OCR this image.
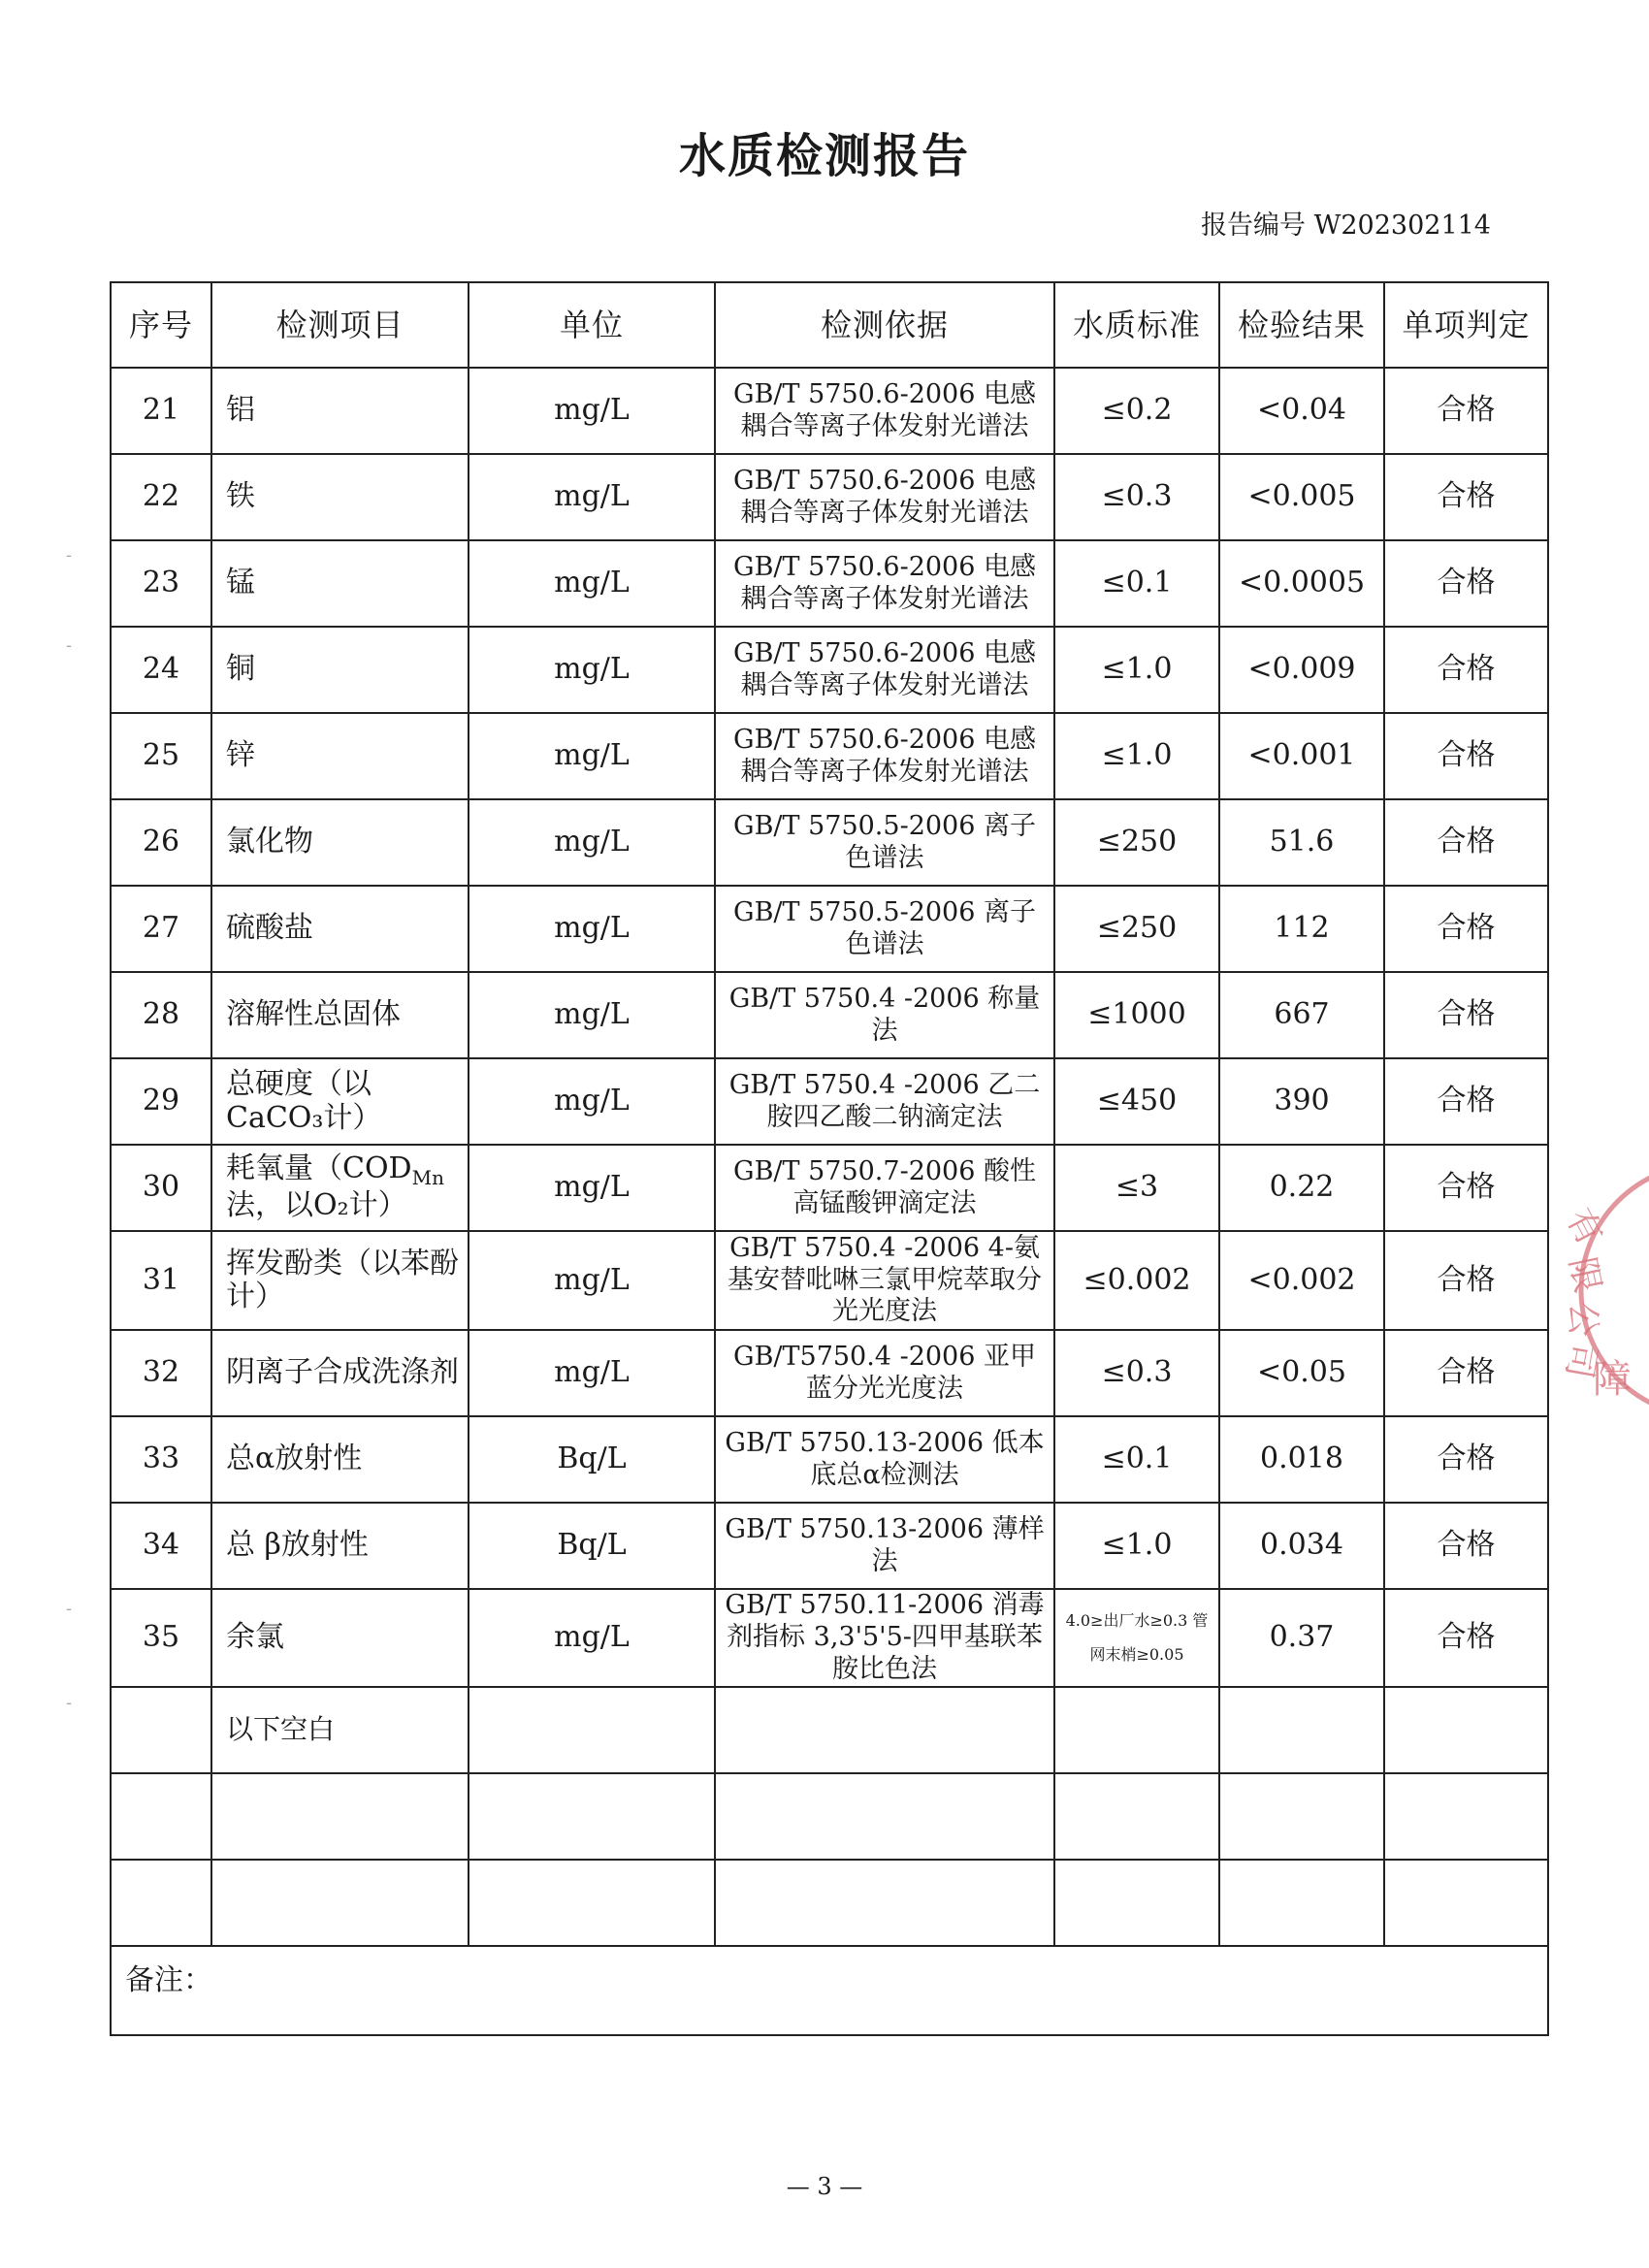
水质检测报告
报告编号 W202302114
-
-
-
-
序号	检测项目	单位	检测依据	水质标准	检验结果	单项判定
21	铝	mg/L	GB/T 5750.6-2006 电感耦合等离子体发射光谱法	≤0.2	<0.04	合格
22	铁	mg/L	GB/T 5750.6-2006 电感耦合等离子体发射光谱法	≤0.3	<0.005	合格
23	锰	mg/L	GB/T 5750.6-2006 电感耦合等离子体发射光谱法	≤0.1	<0.0005	合格
24	铜	mg/L	GB/T 5750.6-2006 电感耦合等离子体发射光谱法	≤1.0	<0.009	合格
25	锌	mg/L	GB/T 5750.6-2006 电感耦合等离子体发射光谱法	≤1.0	<0.001	合格
26	氯化物	mg/L	GB/T 5750.5-2006 离子色谱法	≤250	51.6	合格
27	硫酸盐	mg/L	GB/T 5750.5-2006 离子色谱法	≤250	112	合格
28	溶解性总固体	mg/L	GB/T 5750.4 -2006 称量法	≤1000	667	合格
29	总硬度（以CaCO₃计）	mg/L	GB/T 5750.4 -2006 乙二胺四乙酸二钠滴定法	≤450	390	合格
30	耗氧量（$COD_{Mn}$法，以O₂计）	mg/L	GB/T 5750.7-2006 酸性高锰酸钾滴定法	≤3	0.22	合格
31	挥发酚类（以苯酚计）	mg/L	GB/T 5750.4 -2006 4-氨基安替吡啉三氯甲烷萃取分光光度法	≤0.002	<0.002	合格
32	阴离子合成洗涤剂	mg/L	GB/T5750.4 -2006 亚甲蓝分光光度法	≤0.3	<0.05	合格
33	总α放射性	Bq/L	GB/T 5750.13-2006 低本底总α检测法	≤0.1	0.018	合格
34	总 β放射性	Bq/L	GB/T 5750.13-2006 薄样法	≤1.0	0.034	合格
35	余氯	mg/L	GB/T 5750.11-2006 消毒剂指标 3,3'5'5-四甲基联苯胺比色法	4.0≥出厂水≥0.3 管网末梢≥0.05	0.37	合格
	以下空白					

备注：						
有
限
公
司
障
— 3 —
